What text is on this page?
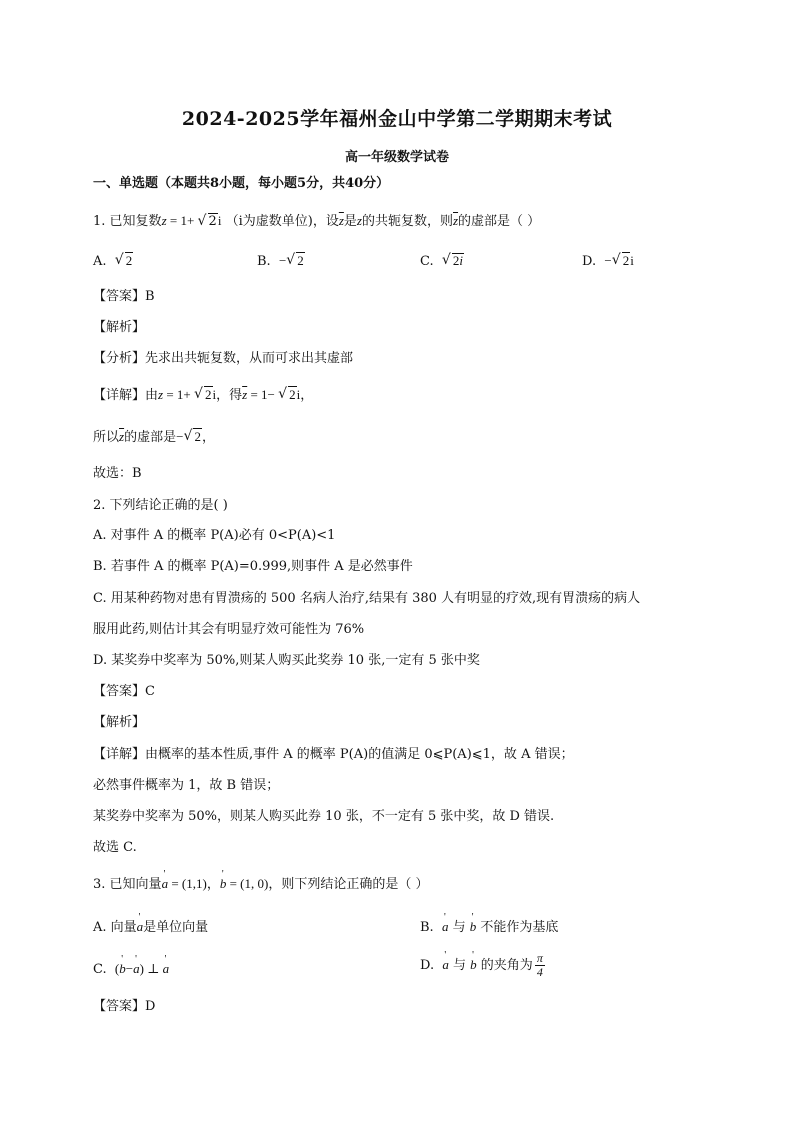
2024-2025学年福州金山中学第二学期期末考试
高一年级数学试卷
一、单选题（本题共8小题，每小题5分，共40分）
1. 已知复数z = 1+ √ 2i （i为虚数单位)，设$\overline{z}$是z的共轭复数，则$\overline{z}$的虚部是（ ）
A. √ 2	B. − √ 2	C. √ 2i	D. − √ 2i
【答案】B
【解析】
【分析】先求出共轭复数，从而可求出其虚部
【详解】由z = 1+ √ 2i，得$\overline{z} = 1-$ √ 2i，
所以$\overline{z}$的虚部是− √ 2，
故选：B
2. 下列结论正确的是( )
A. 对事件 A 的概率 P(A)必有 0<P(A)<1
B. 若事件 A 的概率 P(A)=0.999,则事件 A 是必然事件
C. 用某种药物对患有胃溃疡的 500 名病人治疗,结果有 380 人有明显的疗效,现有胃溃疡的病人
服用此药,则估计其会有明显疗效可能性为 76%
D. 某奖券中奖率为 50%,则某人购买此奖券 10 张,一定有 5 张中奖
【答案】C
【解析】
【详解】由概率的基本性质,事件 A 的概率 P(A)的值满足 0⩽P(A)⩽1，故 A 错误；
必然事件概率为 1，故 B 错误；
某奖券中奖率为 50%，则某人购买此券 10 张，不一定有 5 张中奖，故 D 错误.
故选 C.
3. 已知向量' a = (1,1)，' b = (1, 0)，则下列结论正确的是（ ）
A. 向量' a是单位向量	B. ' a 与 ' b 不能作为基底
C. (' b−' a) ⊥ ' a	D. ' a 与 ' b 的夹角为 $\frac{\pi}{4}$
【答案】D
